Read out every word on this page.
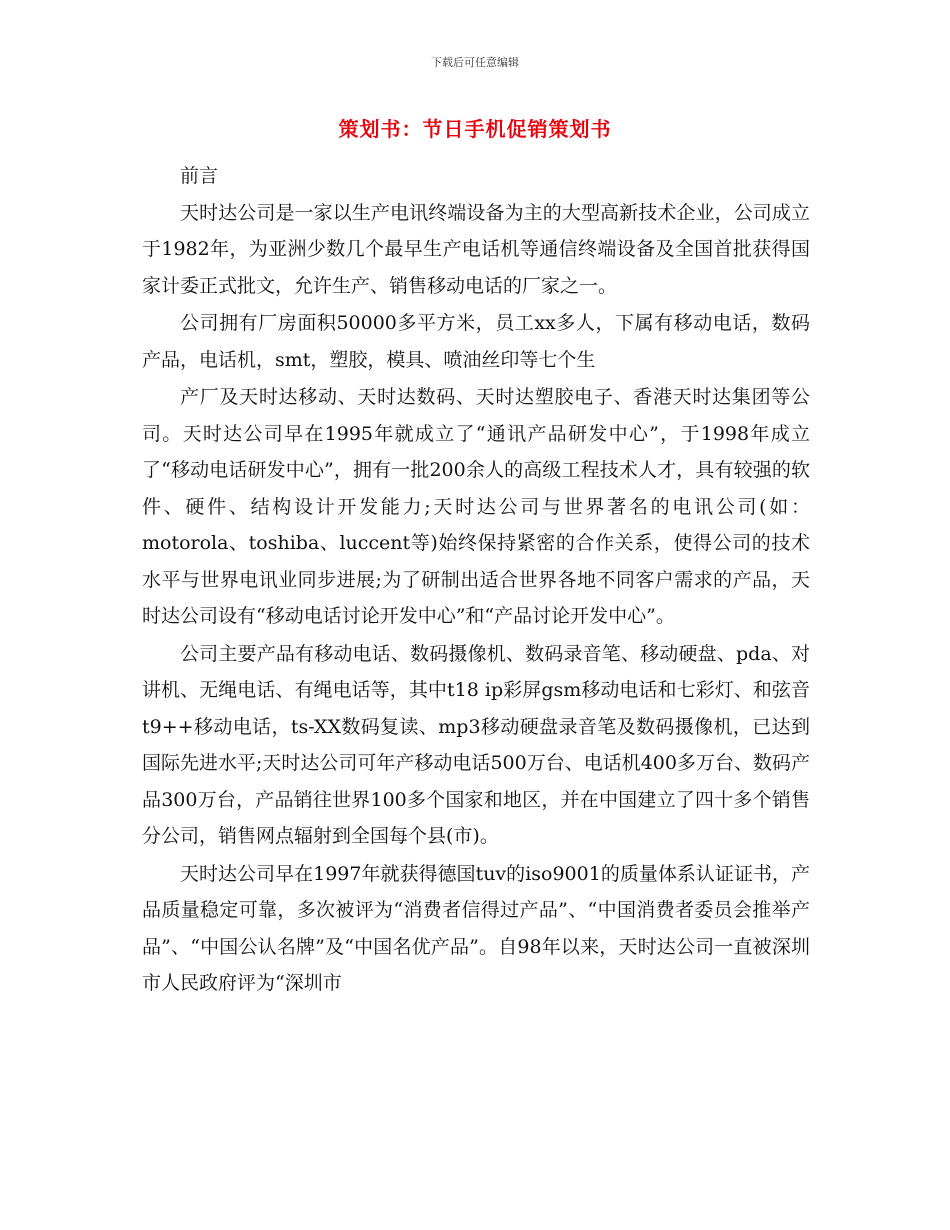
下载后可任意编辑
策划书：节日手机促销策划书

前言

天时达公司是一家以生产电讯终端设备为主的大型高新技术企业，公司成立于1982年，为亚洲少数几个最早生产电话机等通信终端设备及全国首批获得国家计委正式批文，允许生产、销售移动电话的厂家之一。

公司拥有厂房面积50000多平方米，员工xx多人，下属有移动电话，数码产品，电话机，smt，塑胶，模具、喷油丝印等七个生

产厂及天时达移动、天时达数码、天时达塑胶电子、香港天时达集团等公司。天时达公司早在1995年就成立了“通讯产品研发中心”，于1998年成立了“移动电话研发中心”，拥有一批200余人的高级工程技术人才，具有较强的软件、硬件、结构设计开发能力;天时达公司与世界著名的电讯公司(如：motorola、toshiba、luccent等)始终保持紧密的合作关系，使得公司的技术水平与世界电讯业同步进展;为了研制出适合世界各地不同客户需求的产品，天时达公司设有“移动电话讨论开发中心”和“产品讨论开发中心”。

公司主要产品有移动电话、数码摄像机、数码录音笔、移动硬盘、pda、对讲机、无绳电话、有绳电话等，其中t18 ip彩屏gsm移动电话和七彩灯、和弦音t9++移动电话，ts-XX数码复读、mp3移动硬盘录音笔及数码摄像机，已达到国际先进水平;天时达公司可年产移动电话500万台、电话机400多万台、数码产品300万台，产品销往世界100多个国家和地区，并在中国建立了四十多个销售分公司，销售网点辐射到全国每个县(市)。

天时达公司早在1997年就获得德国tuv的iso9001的质量体系认证证书，产品质量稳定可靠，多次被评为“消费者信得过产品”、“中国消费者委员会推举产品”、“中国公认名牌”及“中国名优产品”。自98年以来，天时达公司一直被深圳市人民政府评为“深圳市
